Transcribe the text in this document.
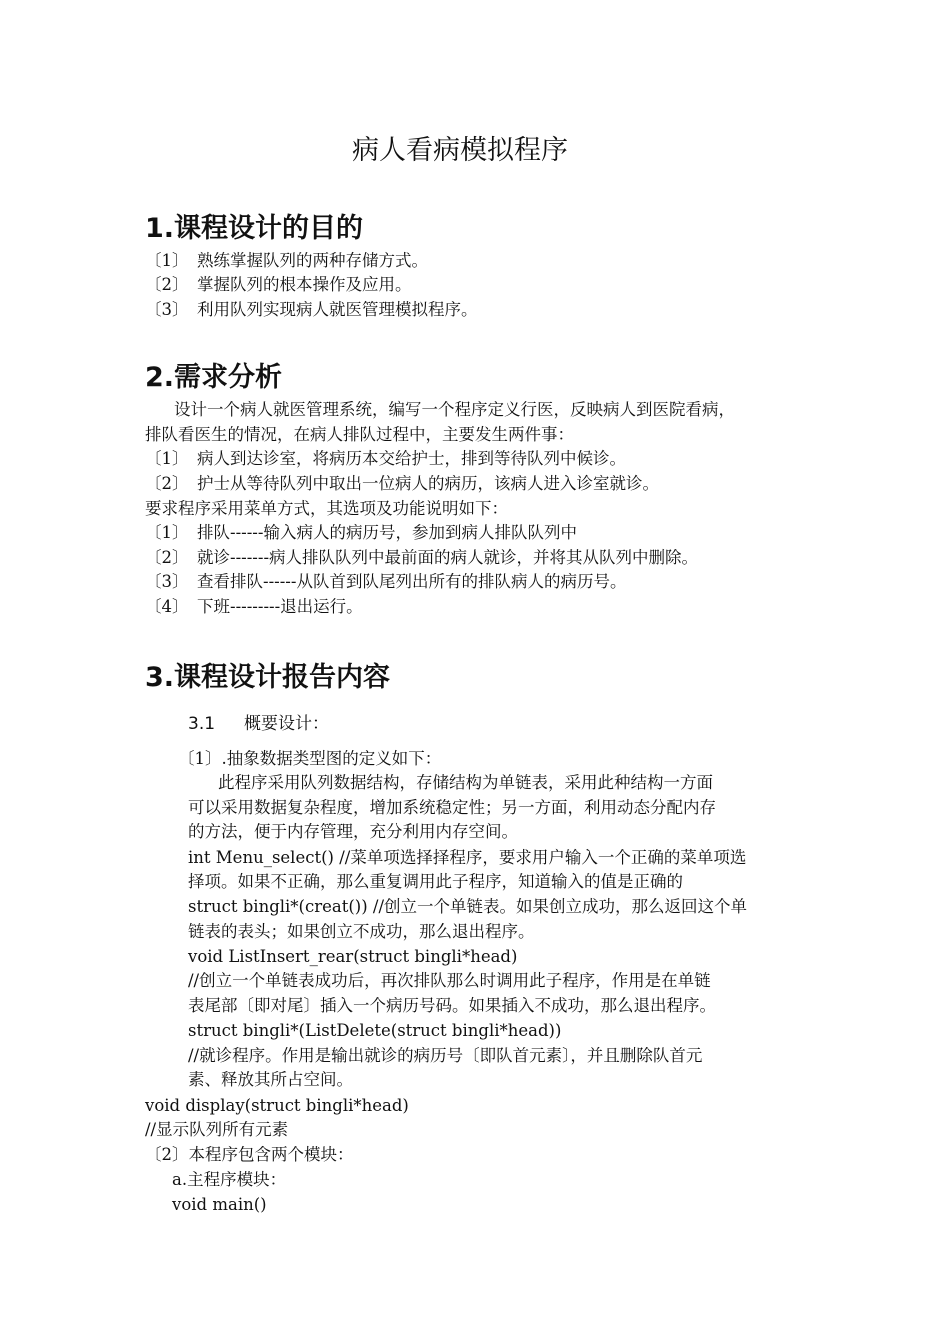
病人看病模拟程序
1.课程设计的目的
〔1〕 熟练掌握队列的两种存储方式。
〔2〕 掌握队列的根本操作及应用。
〔3〕 利用队列实现病人就医管理模拟程序。
2.需求分析
设计一个病人就医管理系统，编写一个程序定义行医，反映病人到医院看病，
排队看医生的情况，在病人排队过程中，主要发生两件事：
〔1〕 病人到达诊室，将病历本交给护士，排到等待队列中候诊。
〔2〕 护士从等待队列中取出一位病人的病历，该病人进入诊室就诊。
要求程序采用菜单方式，其选项及功能说明如下：
〔1〕 排队------输入病人的病历号，参加到病人排队队列中
〔2〕 就诊-------病人排队队列中最前面的病人就诊，并将其从队列中删除。
〔3〕 查看排队------从队首到队尾列出所有的排队病人的病历号。
〔4〕 下班---------退出运行。
3.课程设计报告内容
3.1 概要设计：
〔1〕.抽象数据类型图的定义如下：
此程序采用队列数据结构，存储结构为单链表，采用此种结构一方面
可以采用数据复杂程度，增加系统稳定性；另一方面，利用动态分配内存
的方法，便于内存管理，充分利用内存空间。
int Menu_select() //菜单项选择择程序，要求用户输入一个正确的菜单项选
择项。如果不正确，那么重复调用此子程序，知道输入的值是正确的
struct bingli*(creat()) //创立一个单链表。如果创立成功，那么返回这个单
链表的表头；如果创立不成功，那么退出程序。
void ListInsert_rear(struct bingli*head)
//创立一个单链表成功后，再次排队那么时调用此子程序，作用是在单链
表尾部〔即对尾〕插入一个病历号码。如果插入不成功，那么退出程序。
struct bingli*(ListDelete(struct bingli*head))
//就诊程序。作用是输出就诊的病历号〔即队首元素〕，并且删除队首元
素、释放其所占空间。
void display(struct bingli*head)
//显示队列所有元素
〔2〕本程序包含两个模块：
a.主程序模块：
void main()
